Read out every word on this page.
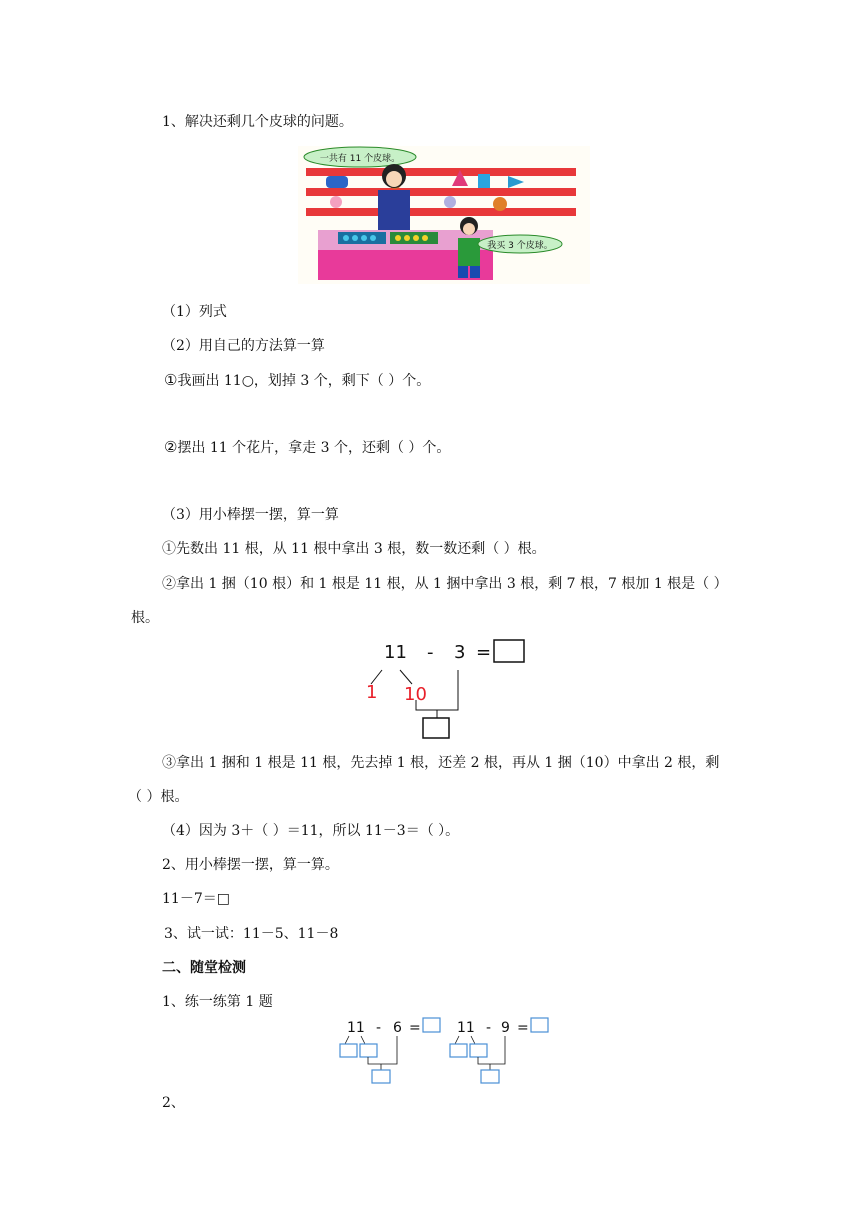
1、解决还剩几个皮球的问题。
一共有 11 个皮球。
我买 3 个皮球。
（1）列式
（2）用自己的方法算一算
①我画出 11○，划掉 3 个，剩下（ ）个。
②摆出 11 个花片，拿走 3 个，还剩（ ）个。
（3）用小棒摆一摆，算一算
①先数出 11 根，从 11 根中拿出 3 根，数一数还剩（ ）根。
②拿出 1 捆（10 根）和 1 根是 11 根，从 1 捆中拿出 3 根，剩 7 根，7 根加 1 根是（ ）
根。
11 - 3 =
1 10
③拿出 1 捆和 1 根是 11 根，先去掉 1 根，还差 2 根，再从 1 捆（10）中拿出 2 根，剩
（ ）根。
（4）因为 3＋（ ）＝11，所以 11－3＝（ ）。
2、用小棒摆一摆，算一算。
11－7＝□
3、试一试：11－5、11－8
二、随堂检测
1、练一练第 1 题
11 - 6 =	11 - 9 =
2、
